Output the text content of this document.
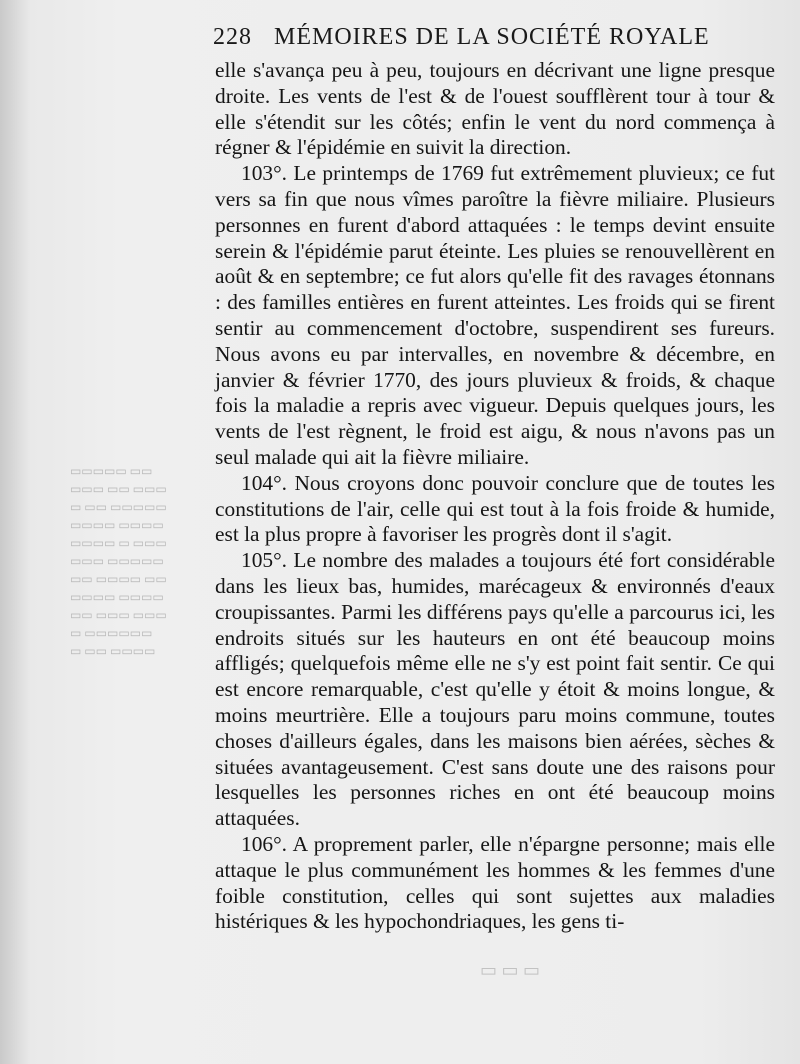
228 MÉMOIRES DE LA SOCIÉTÉ ROYALE

elle s'avança peu à peu, toujours en décrivant une ligne presque droite. Les vents de l'est & de l'ouest soufflèrent tour à tour & elle s'étendit sur les côtés; enfin le vent du nord commença à régner & l'épidémie en suivit la direction.

103°. Le printemps de 1769 fut extrêmement pluvieux; ce fut vers sa fin que nous vîmes paroître la fièvre miliaire. Plusieurs personnes en furent d'abord attaquées : le temps devint ensuite serein & l'épidémie parut éteinte. Les pluies se renouvellèrent en août & en septembre; ce fut alors qu'elle fit des ravages étonnans : des familles entières en furent atteintes. Les froids qui se firent sentir au commencement d'octobre, suspendirent ses fureurs. Nous avons eu par intervalles, en novembre & décembre, en janvier & février 1770, des jours pluvieux & froids, & chaque fois la maladie a repris avec vigueur. Depuis quelques jours, les vents de l'est règnent, le froid est aigu, & nous n'avons pas un seul malade qui ait la fièvre miliaire.

104°. Nous croyons donc pouvoir conclure que de toutes les constitutions de l'air, celle qui est tout à la fois froide & humide, est la plus propre à favoriser les progrès dont il s'agit.

105°. Le nombre des malades a toujours été fort considérable dans les lieux bas, humides, marécageux & environnés d'eaux croupissantes. Parmi les différens pays qu'elle a parcourus ici, les endroits situés sur les hauteurs en ont été beaucoup moins affligés; quelquefois même elle ne s'y est point fait sentir. Ce qui est encore remarquable, c'est qu'elle y étoit & moins longue, & moins meurtrière. Elle a toujours paru moins commune, toutes choses d'ailleurs égales, dans les maisons bien aérées, sèches & situées avantageusement. C'est sans doute une des raisons pour lesquelles les personnes riches en ont été beaucoup moins attaquées.

106°. A proprement parler, elle n'épargne personne; mais elle attaque le plus communément les hommes & les femmes d'une foible constitution, celles qui sont sujettes aux maladies histériques & les hypochondriaques, les gens ti-

▭▭ ▭▭▭▭▭
▭▭▭ ▭▭ ▭▭▭
▭▭▭▭▭ ▭▭ ▭
▭▭▭▭ ▭▭▭▭
▭▭▭ ▭ ▭▭▭▭
▭▭▭▭▭ ▭▭▭
▭▭ ▭▭▭▭ ▭▭
▭▭▭▭ ▭▭▭▭
▭▭▭ ▭▭▭ ▭▭
▭▭▭▭▭▭ ▭
▭▭▭▭ ▭▭ ▭
▭ ▭ ▭
